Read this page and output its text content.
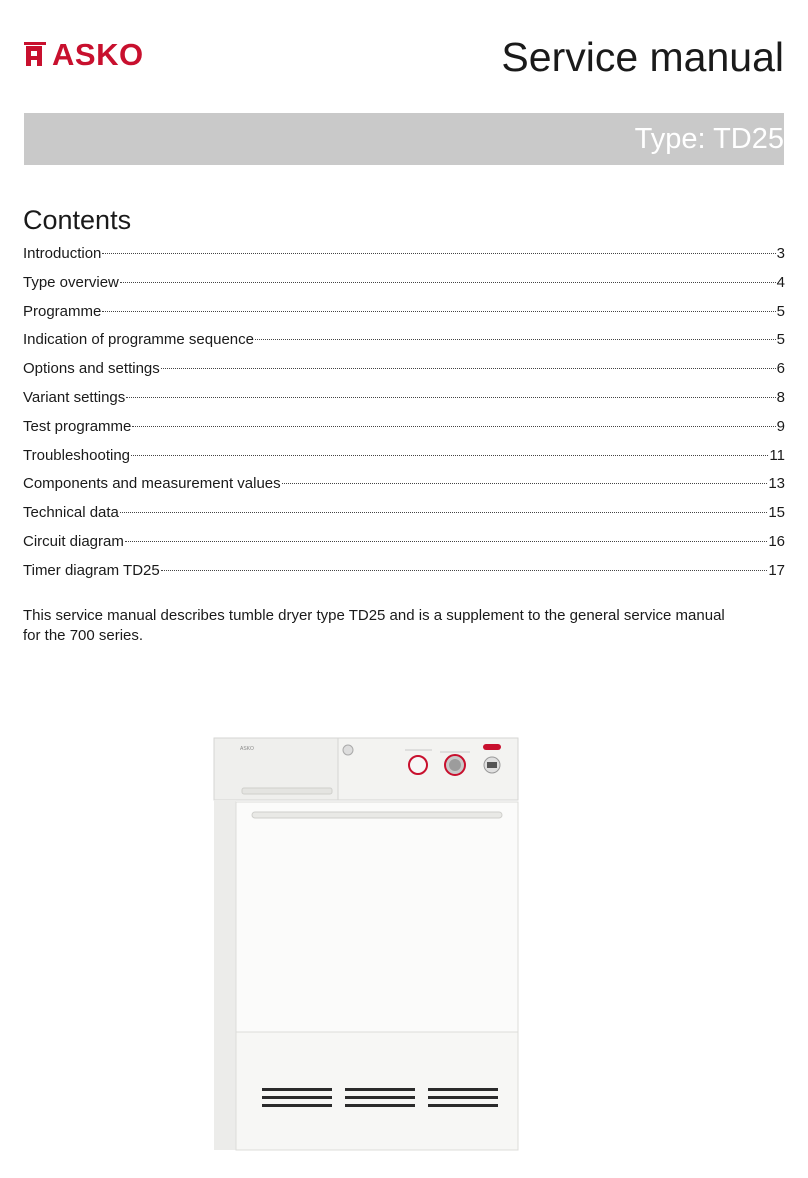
ASKO	Service manual
Type: TD25
Contents
Introduction	3
Type overview	4
Programme	5
Indication of programme sequence	5
Options and settings	6
Variant settings	8
Test programme	9
Troubleshooting	11
Components and measurement values	13
Technical data	15
Circuit diagram	16
Timer diagram TD25	17
This service manual describes tumble dryer type TD25 and is a supplement to the general service manual
for the 700 series.
ASKO
